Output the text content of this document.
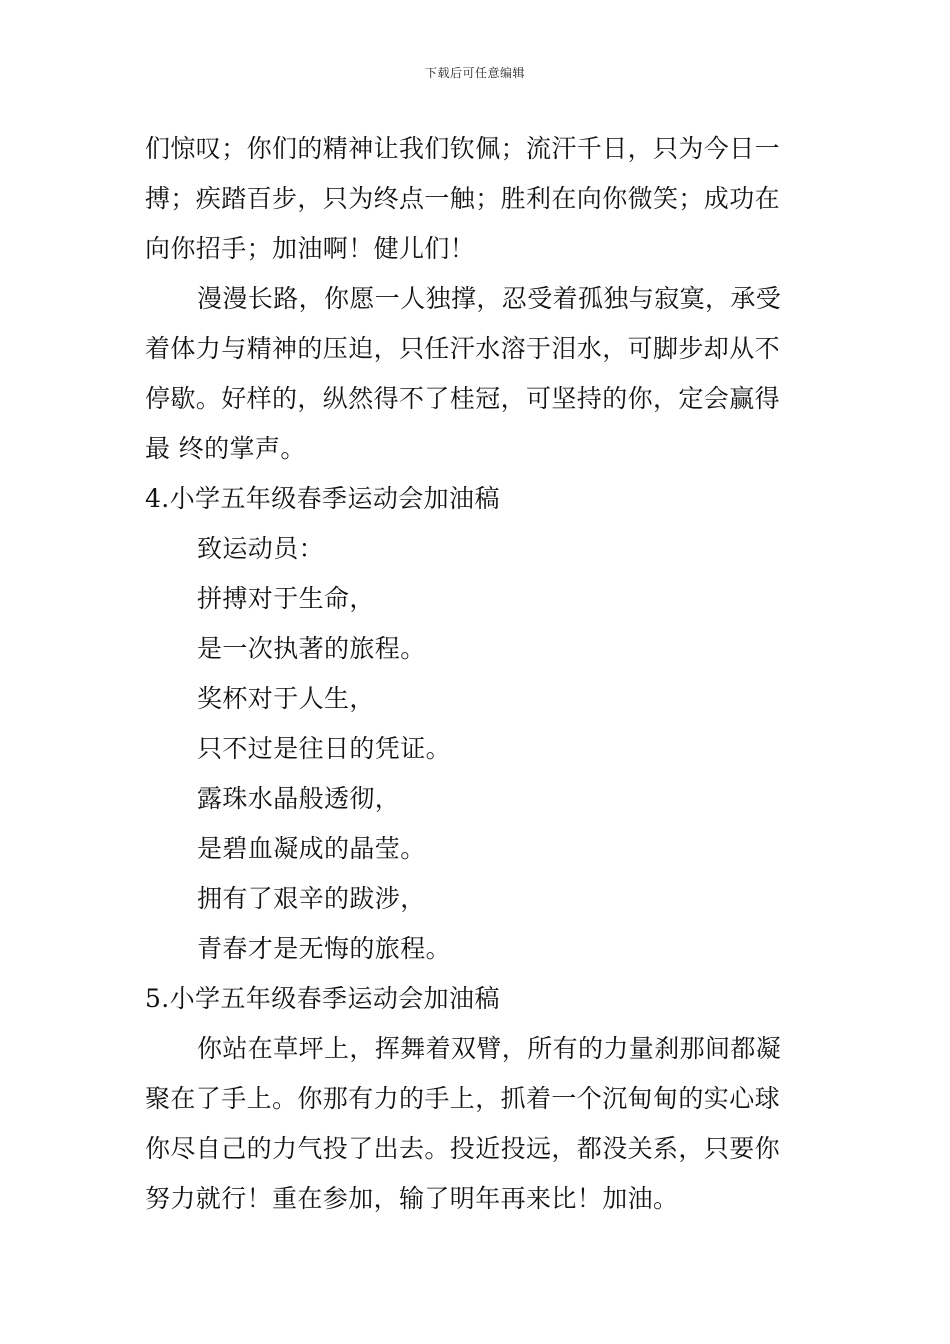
下载后可任意编辑
们惊叹；你们的精神让我们钦佩；流汗千日，只为今日一
搏；疾踏百步，只为终点一触；胜利在向你微笑；成功在
向你招手；加油啊！健儿们！
漫漫长路，你愿一人独撑，忍受着孤独与寂寞，承受
着体力与精神的压迫，只任汗水溶于泪水，可脚步却从不
停歇。好样的，纵然得不了桂冠，可坚持的你，定会赢得
最 终的掌声。
4.小学五年级春季运动会加油稿
致运动员：
拼搏对于生命，
是一次执著的旅程。
奖杯对于人生，
只不过是往日的凭证。
露珠水晶般透彻，
是碧血凝成的晶莹。
拥有了艰辛的跋涉，
青春才是无悔的旅程。
5.小学五年级春季运动会加油稿
你站在草坪上，挥舞着双臂，所有的力量刹那间都凝
聚在了手上。你那有力的手上，抓着一个沉甸甸的实心球
你尽自己的力气投了出去。投近投远，都没关系，只要你
努力就行！重在参加，输了明年再来比！加油。
